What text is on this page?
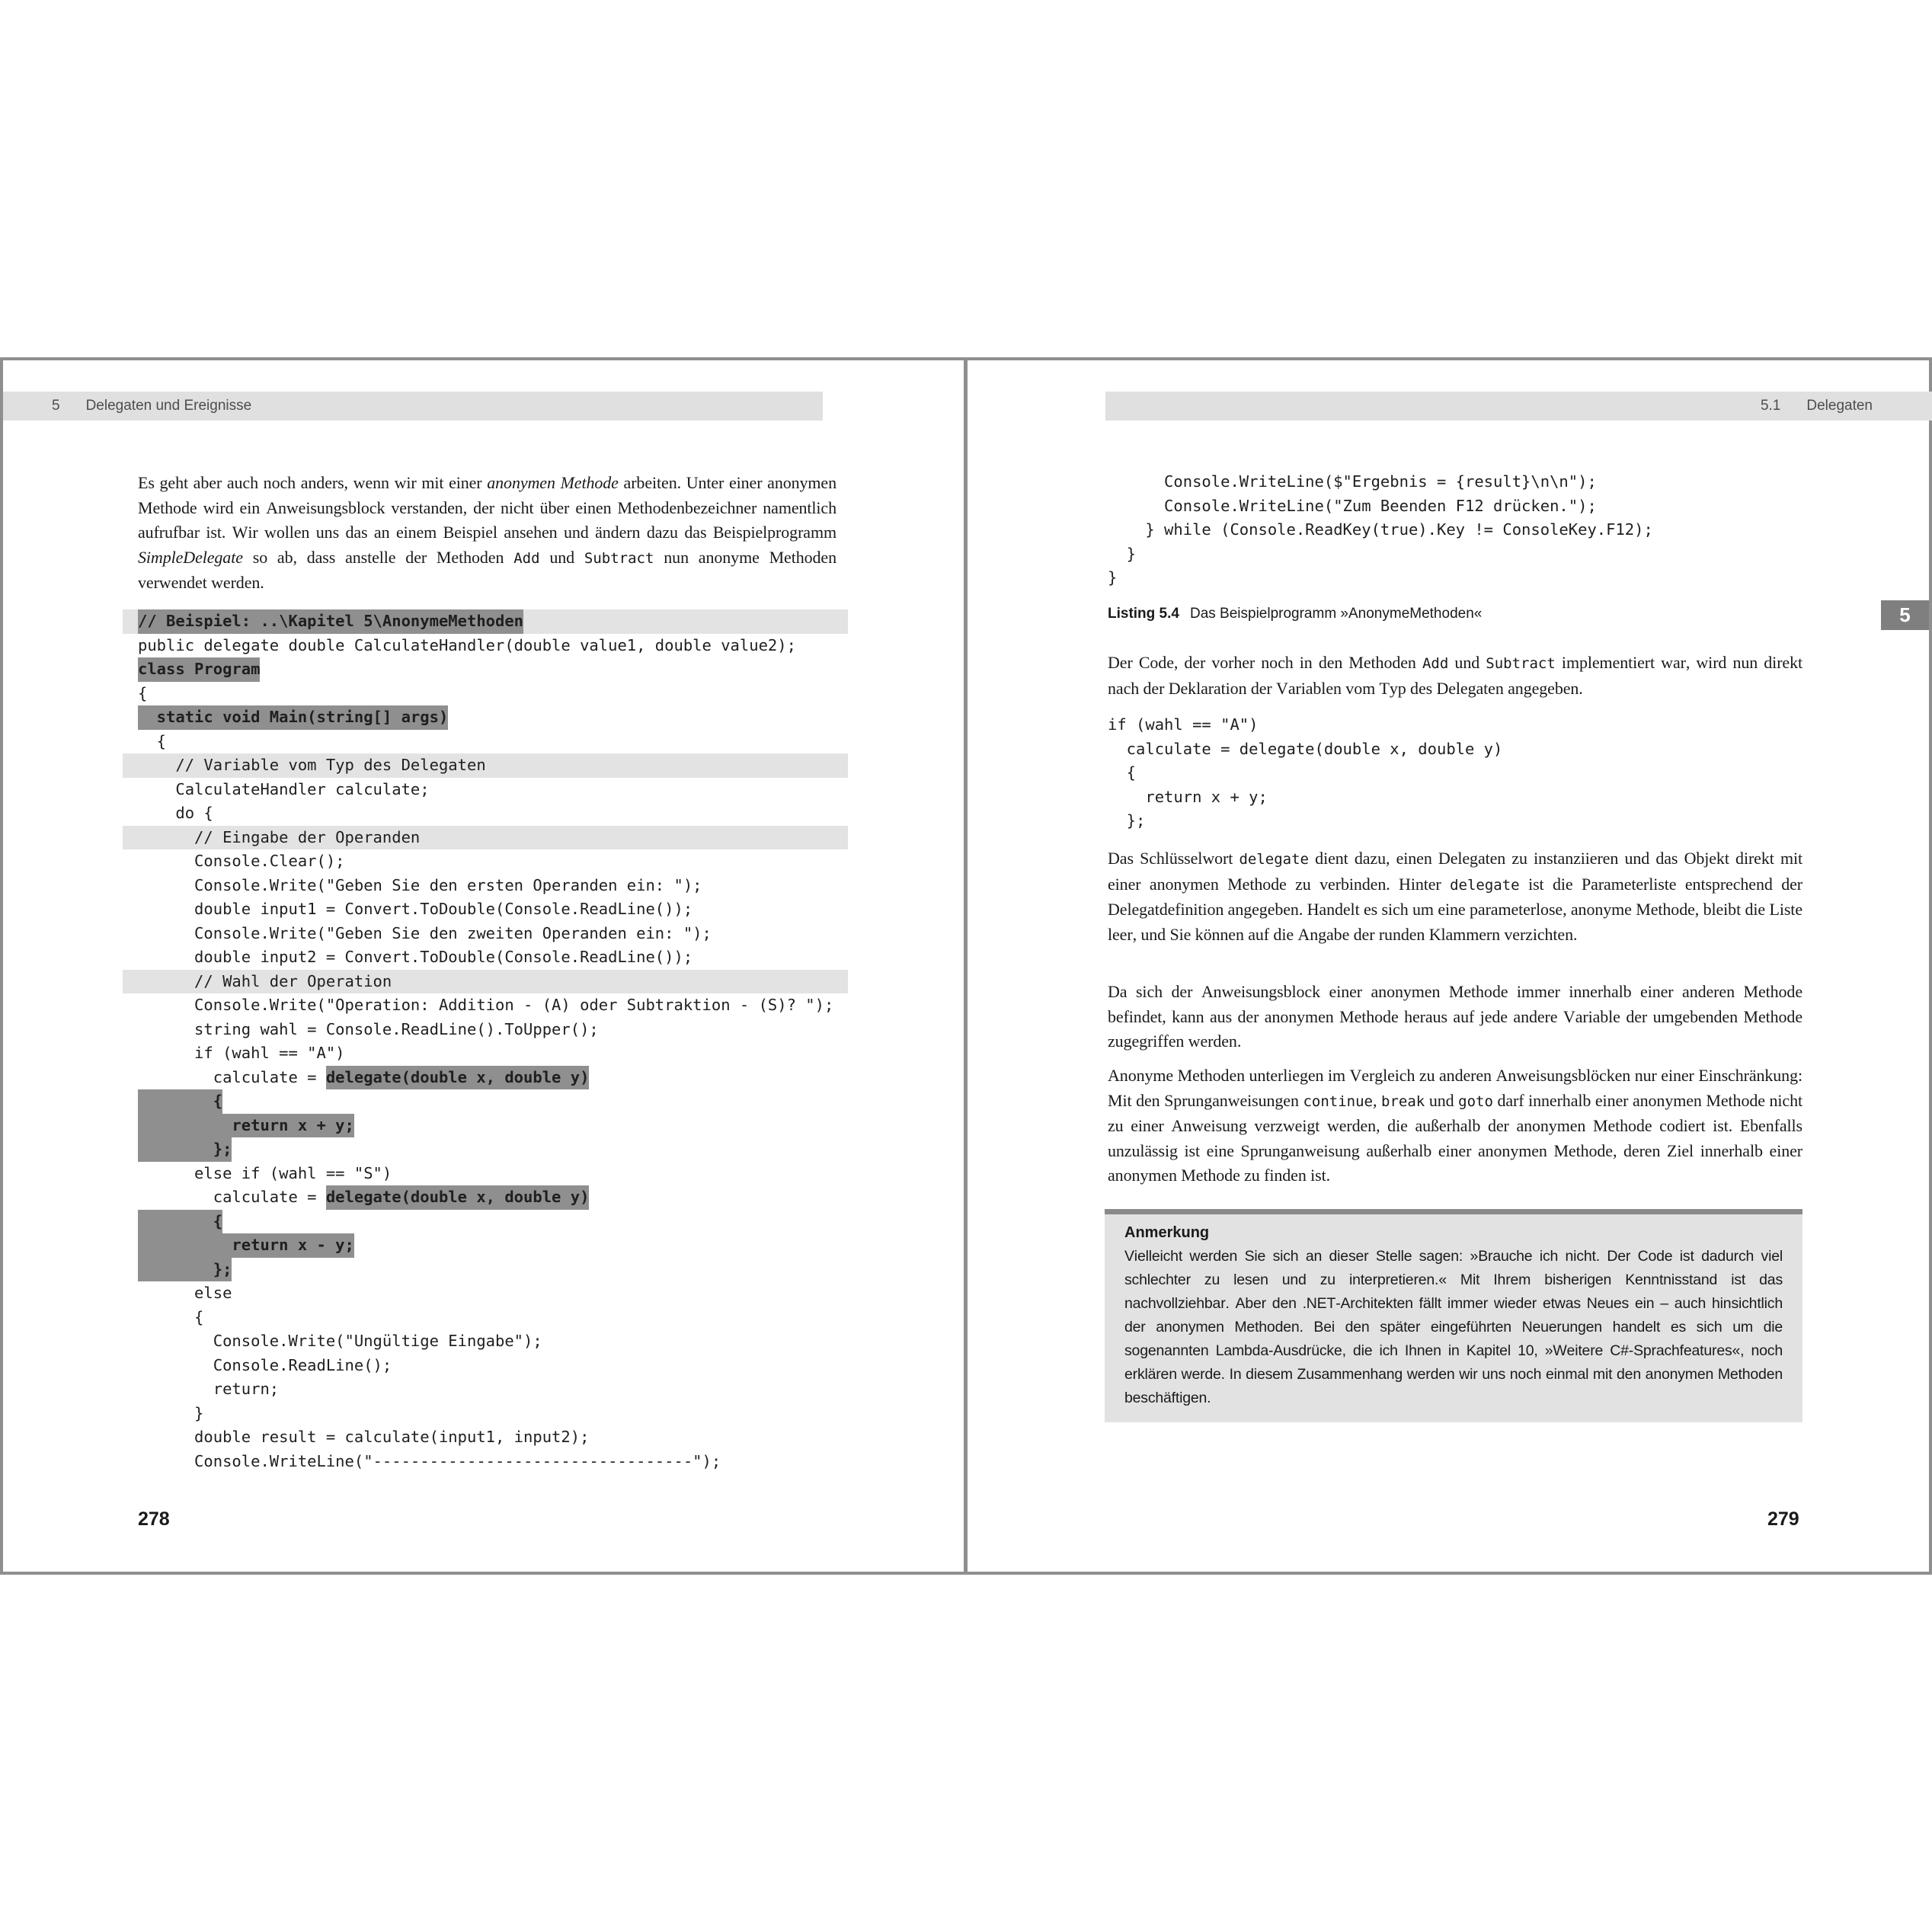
5 Delegaten und Ereignisse
Es geht aber auch noch anders, wenn wir mit einer anonymen Methode arbeiten. Unter einer anonymen Methode wird ein Anweisungsblock verstanden, der nicht über einen Methodenbezeichner namentlich aufrufbar ist. Wir wollen uns das an einem Beispiel ansehen und ändern dazu das Beispielprogramm SimpleDelegate so ab, dass anstelle der Methoden Add und Subtract nun anonyme Methoden verwendet werden.
// Beispiel: ..\Kapitel 5\AnonymeMethoden
public delegate double CalculateHandler(double value1, double value2);
class Program
{
static void Main(string[] args)
{
// Variable vom Typ des Delegaten
CalculateHandler calculate;
do {
// Eingabe der Operanden
Console.Clear();
Console.Write("Geben Sie den ersten Operanden ein: ");
double input1 = Convert.ToDouble(Console.ReadLine());
Console.Write("Geben Sie den zweiten Operanden ein: ");
double input2 = Convert.ToDouble(Console.ReadLine());
// Wahl der Operation
Console.Write("Operation: Addition - (A) oder Subtraktion - (S)? ");
string wahl = Console.ReadLine().ToUpper();
if (wahl == "A")
calculate = delegate(double x, double y)
{
return x + y;
};
else if (wahl == "S")
calculate = delegate(double x, double y)
{
return x - y;
};
else
{
Console.Write("Ungültige Eingabe");
Console.ReadLine();
return;
}
double result = calculate(input1, input2);
Console.WriteLine("----------------------------------");
278
5.1 Delegaten
Console.WriteLine($"Ergebnis = {result}\n\n");
Console.WriteLine("Zum Beenden F12 drücken.");
} while (Console.ReadKey(true).Key != ConsoleKey.F12);
}
}
Listing 5.4 Das Beispielprogramm »AnonymeMethoden«	5
Der Code, der vorher noch in den Methoden Add und Subtract implementiert war, wird nun direkt nach der Deklaration der Variablen vom Typ des Delegaten angegeben.
if (wahl == "A")
calculate = delegate(double x, double y)
{
return x + y;
};
Das Schlüsselwort delegate dient dazu, einen Delegaten zu instanziieren und das Objekt direkt mit einer anonymen Methode zu verbinden. Hinter delegate ist die Parameterliste entsprechend der Delegatdefinition angegeben. Handelt es sich um eine parameterlose, anonyme Methode, bleibt die Liste leer, und Sie können auf die Angabe der runden Klammern verzichten.
Da sich der Anweisungsblock einer anonymen Methode immer innerhalb einer anderen Methode befindet, kann aus der anonymen Methode heraus auf jede andere Variable der umgebenden Methode zugegriffen werden.
Anonyme Methoden unterliegen im Vergleich zu anderen Anweisungsblöcken nur einer Einschränkung: Mit den Sprunganweisungen continue, break und goto darf innerhalb einer anonymen Methode nicht zu einer Anweisung verzweigt werden, die außerhalb der anonymen Methode codiert ist. Ebenfalls unzulässig ist eine Sprunganweisung außerhalb einer anonymen Methode, deren Ziel innerhalb einer anonymen Methode zu finden ist.
Anmerkung
Vielleicht werden Sie sich an dieser Stelle sagen: »Brauche ich nicht. Der Code ist dadurch viel schlechter zu lesen und zu interpretieren.« Mit Ihrem bisherigen Kenntnisstand ist das nachvollziehbar. Aber den .NET-Architekten fällt immer wieder etwas Neues ein – auch hinsichtlich der anonymen Methoden. Bei den später eingeführten Neuerungen handelt es sich um die sogenannten Lambda-Ausdrücke, die ich Ihnen in Kapitel 10, »Weitere C#-Sprachfeatures«, noch erklären werde. In diesem Zusammenhang werden wir uns noch einmal mit den anonymen Methoden beschäftigen.
279
